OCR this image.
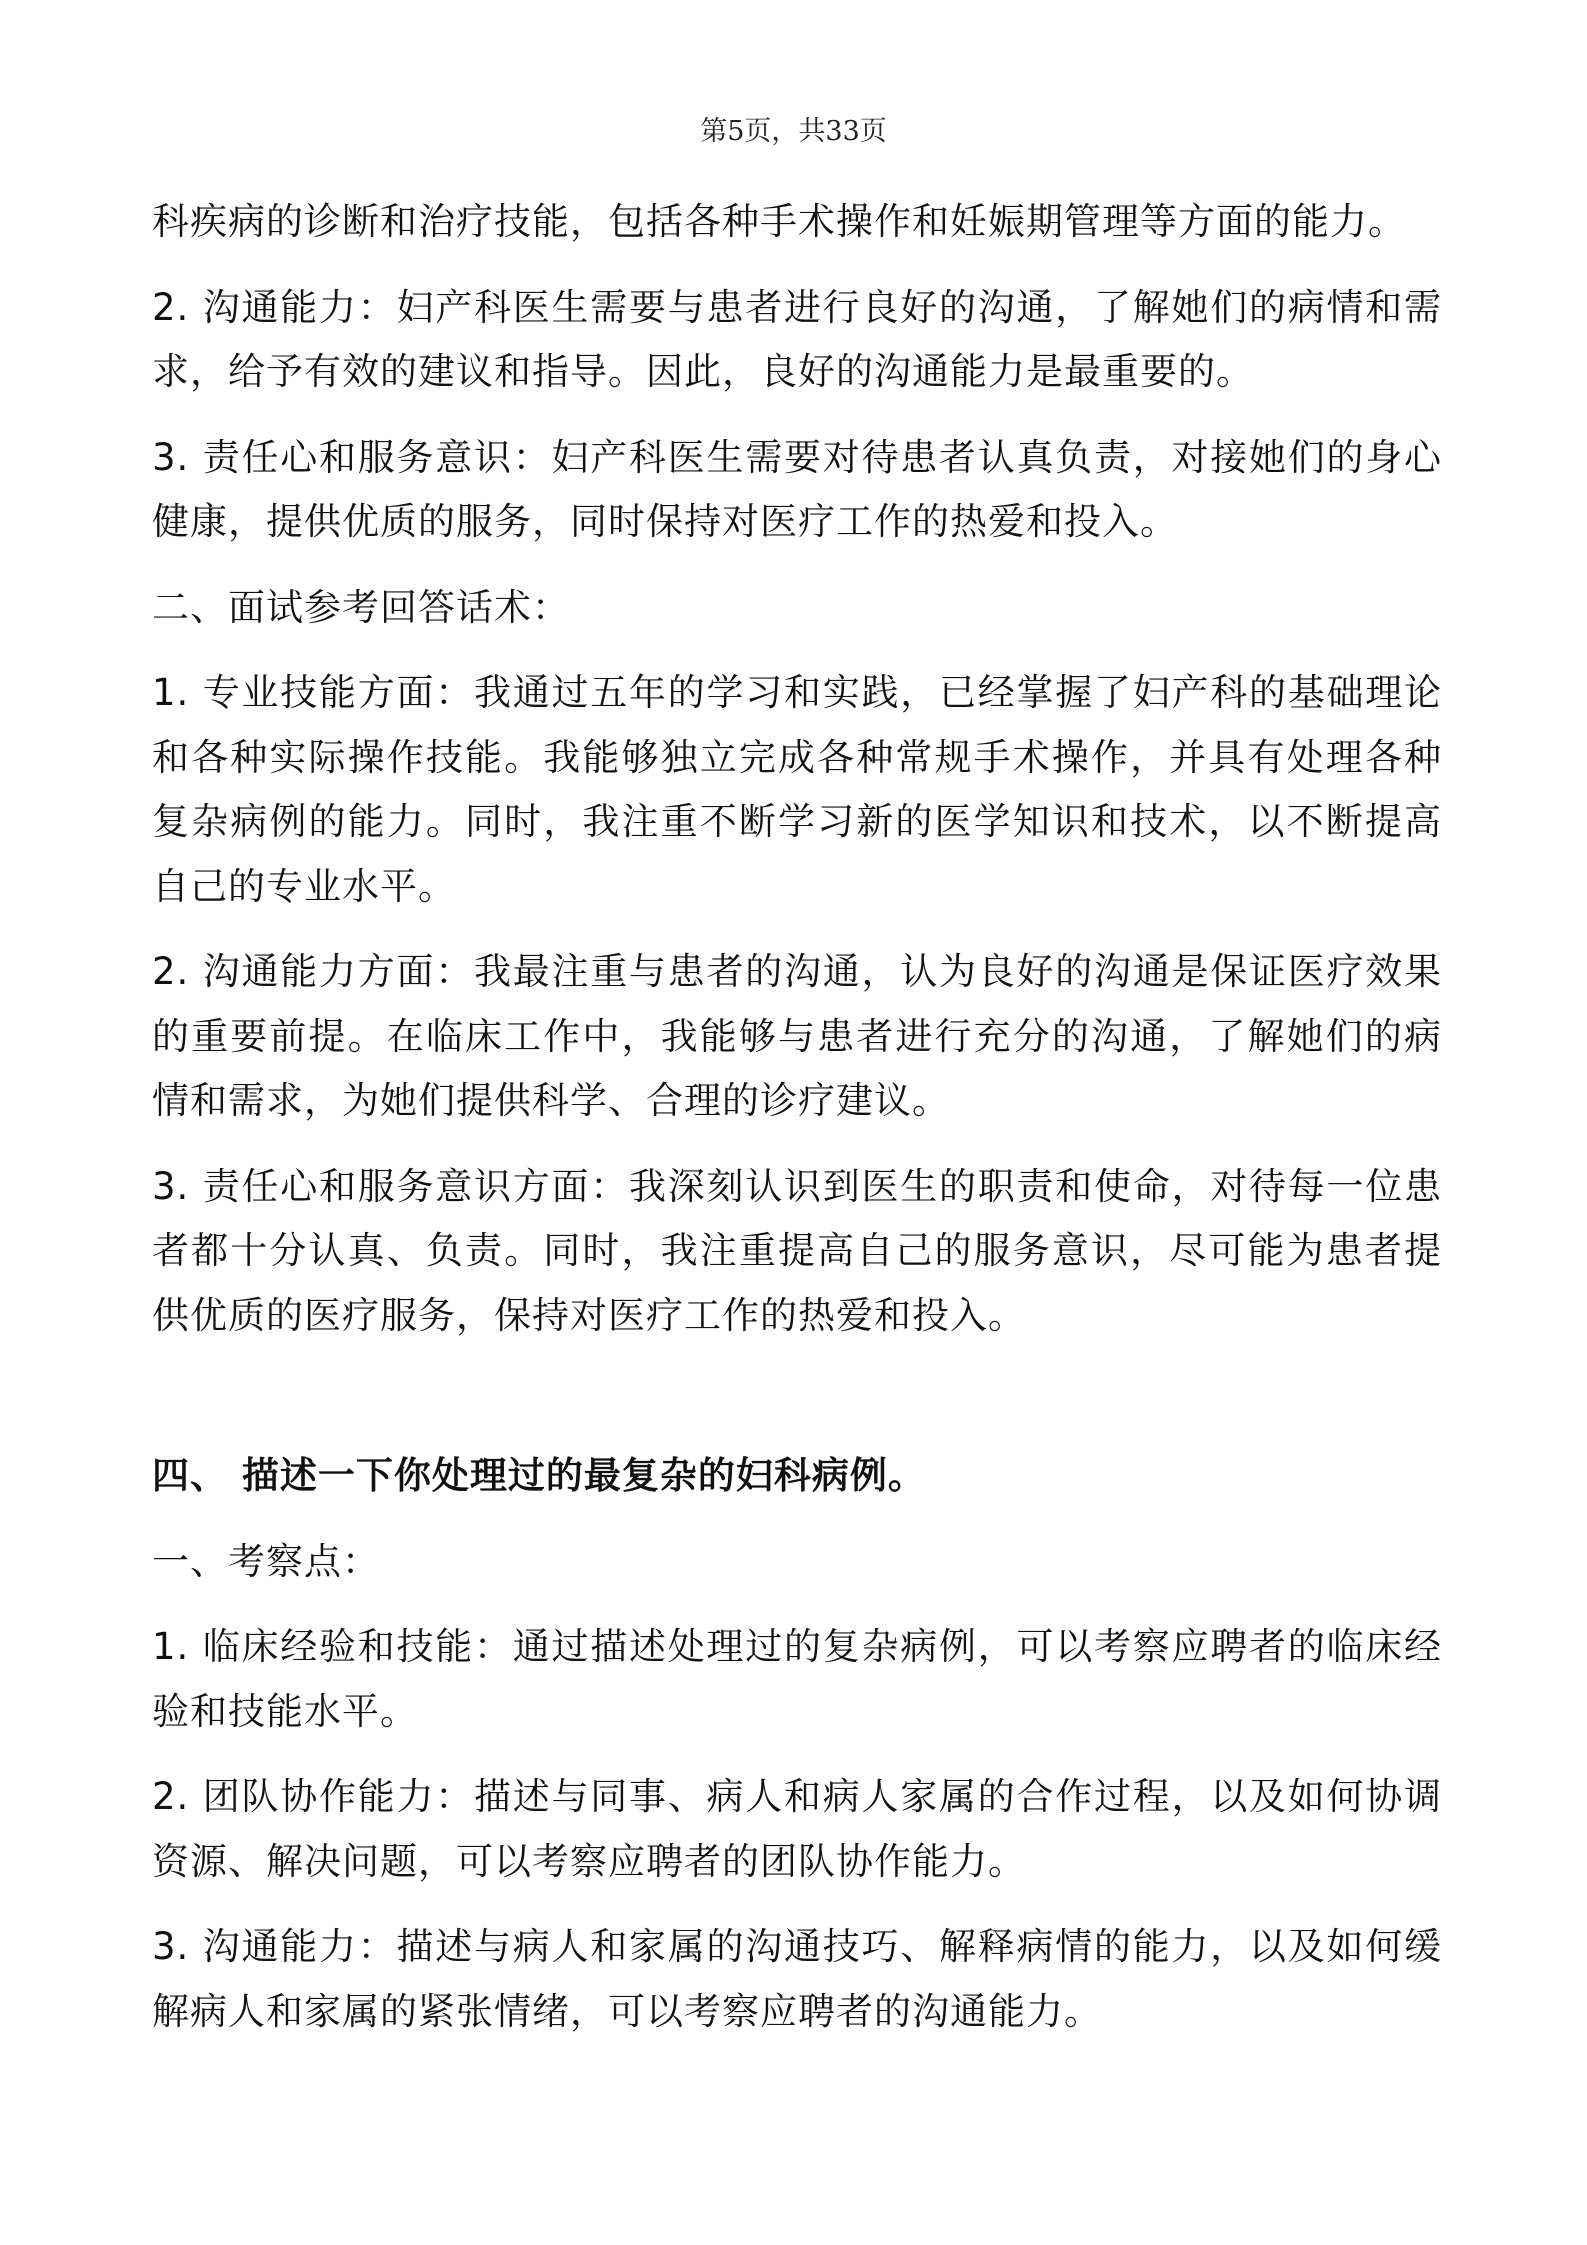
第5页，共33页

科疾病的诊断和治疗技能，包括各种手术操作和妊娠期管理等方面的能力。

2. 沟通能力：妇产科医生需要与患者进行良好的沟通，了解她们的病情和需求，给予有效的建议和指导。因此，良好的沟通能力是最重要的。

3. 责任心和服务意识：妇产科医生需要对待患者认真负责，对接她们的身心健康，提供优质的服务，同时保持对医疗工作的热爱和投入。

二、面试参考回答话术：

1. 专业技能方面：我通过五年的学习和实践，已经掌握了妇产科的基础理论和各种实际操作技能。我能够独立完成各种常规手术操作，并具有处理各种复杂病例的能力。同时，我注重不断学习新的医学知识和技术，以不断提高自己的专业水平。

2. 沟通能力方面：我最注重与患者的沟通，认为良好的沟通是保证医疗效果的重要前提。在临床工作中，我能够与患者进行充分的沟通，了解她们的病情和需求，为她们提供科学、合理的诊疗建议。

3. 责任心和服务意识方面：我深刻认识到医生的职责和使命，对待每一位患者都十分认真、负责。同时，我注重提高自己的服务意识，尽可能为患者提供优质的医疗服务，保持对医疗工作的热爱和投入。

四、 描述一下你处理过的最复杂的妇科病例。

一、考察点：

1. 临床经验和技能：通过描述处理过的复杂病例，可以考察应聘者的临床经验和技能水平。

2. 团队协作能力：描述与同事、病人和病人家属的合作过程，以及如何协调资源、解决问题，可以考察应聘者的团队协作能力。

3. 沟通能力：描述与病人和家属的沟通技巧、解释病情的能力，以及如何缓解病人和家属的紧张情绪，可以考察应聘者的沟通能力。
